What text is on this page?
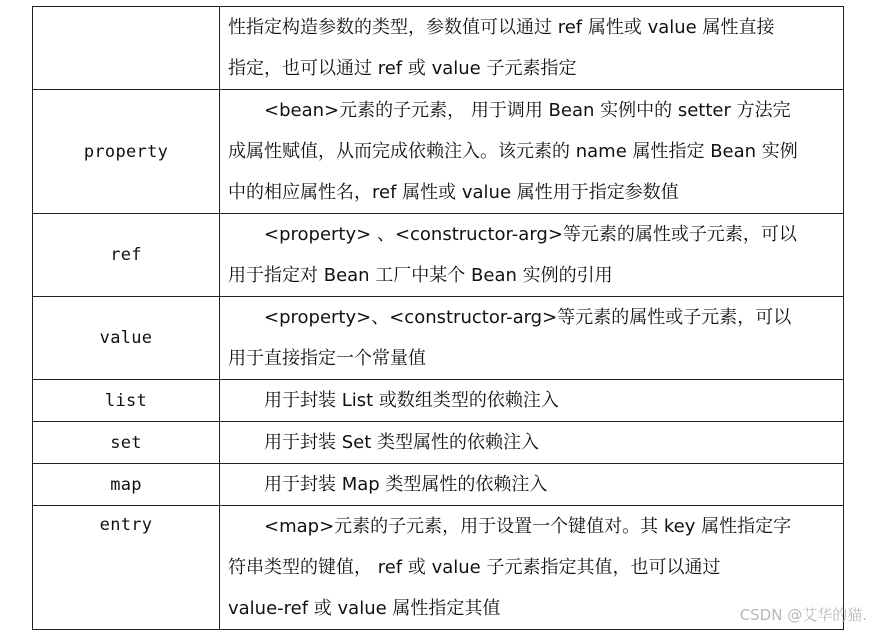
	性指定构造参数的类型，参数值可以通过 ref 属性或 value 属性直接
指定，也可以通过 ref 或 value 子元素指定

property	<bean>元素的子元素， 用于调用 Bean 实例中的 setter 方法完
成属性赋值，从而完成依赖注入。该元素的 name 属性指定 Bean 实例
中的相应属性名，ref 属性或 value 属性用于指定参数值

ref	<property> 、<constructor-arg>等元素的属性或子元素，可以
用于指定对 Bean 工厂中某个 Bean 实例的引用

value	<property>、<constructor-arg>等元素的属性或子元素，可以
用于直接指定一个常量值

list	用于封装 List 或数组类型的依赖注入

set	用于封装 Set 类型属性的依赖注入

map	用于封装 Map 类型属性的依赖注入

entry	<map>元素的子元素，用于设置一个键值对。其 key 属性指定字
符串类型的键值， ref 或 value 子元素指定其值，也可以通过
value-ref 或 value 属性指定其值	CSDN @艾华的猫.
